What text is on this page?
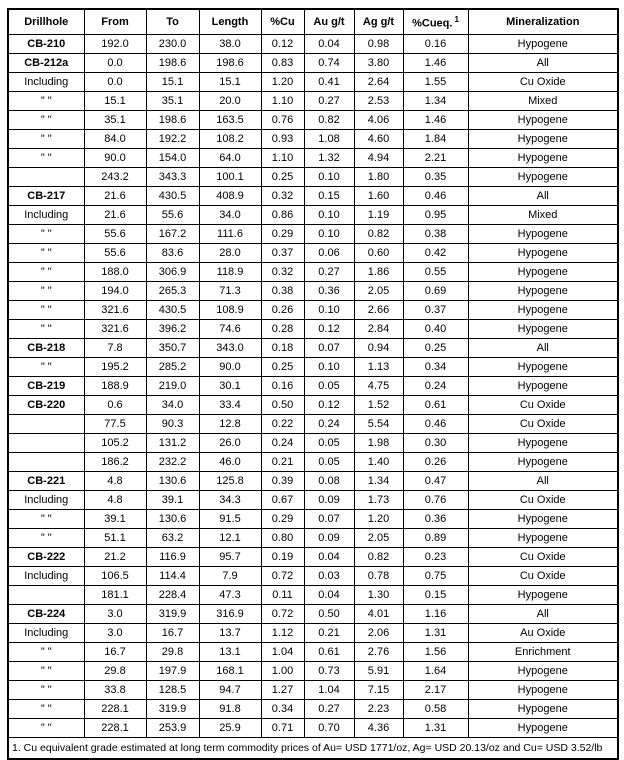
Drillhole	From	To	Length	%Cu	Au g/t	Ag g/t	%Cueq. $^1$	Mineralization
CB-210	192.0	230.0	38.0	0.12	0.04	0.98	0.16	Hypogene
CB-212a	0.0	198.6	198.6	0.83	0.74	3.80	1.46	All
Including	0.0	15.1	15.1	1.20	0.41	2.64	1.55	Cu Oxide
" "	15.1	35.1	20.0	1.10	0.27	2.53	1.34	Mixed
" "	35.1	198.6	163.5	0.76	0.82	4.06	1.46	Hypogene
" "	84.0	192.2	108.2	0.93	1.08	4.60	1.84	Hypogene
" "	90.0	154.0	64.0	1.10	1.32	4.94	2.21	Hypogene
	243.2	343.3	100.1	0.25	0.10	1.80	0.35	Hypogene
CB-217	21.6	430.5	408.9	0.32	0.15	1.60	0.46	All
Including	21.6	55.6	34.0	0.86	0.10	1.19	0.95	Mixed
" "	55.6	167.2	111.6	0.29	0.10	0.82	0.38	Hypogene
" "	55.6	83.6	28.0	0.37	0.06	0.60	0.42	Hypogene
" "	188.0	306.9	118.9	0.32	0.27	1.86	0.55	Hypogene
" "	194.0	265.3	71.3	0.38	0.36	2.05	0.69	Hypogene
" "	321.6	430.5	108.9	0.26	0.10	2.66	0.37	Hypogene
" "	321.6	396.2	74.6	0.28	0.12	2.84	0.40	Hypogene
CB-218	7.8	350.7	343.0	0.18	0.07	0.94	0.25	All
" "	195.2	285.2	90.0	0.25	0.10	1.13	0.34	Hypogene
CB-219	188.9	219.0	30.1	0.16	0.05	4.75	0.24	Hypogene
CB-220	0.6	34.0	33.4	0.50	0.12	1.52	0.61	Cu Oxide
	77.5	90.3	12.8	0.22	0.24	5.54	0.46	Cu Oxide
	105.2	131.2	26.0	0.24	0.05	1.98	0.30	Hypogene
	186.2	232.2	46.0	0.21	0.05	1.40	0.26	Hypogene
CB-221	4.8	130.6	125.8	0.39	0.08	1.34	0.47	All
Including	4.8	39.1	34.3	0.67	0.09	1.73	0.76	Cu Oxide
" "	39.1	130.6	91.5	0.29	0.07	1.20	0.36	Hypogene
" "	51.1	63.2	12.1	0.80	0.09	2.05	0.89	Hypogene
CB-222	21.2	116.9	95.7	0.19	0.04	0.82	0.23	Cu Oxide
Including	106.5	114.4	7.9	0.72	0.03	0.78	0.75	Cu Oxide
	181.1	228.4	47.3	0.11	0.04	1.30	0.15	Hypogene
CB-224	3.0	319.9	316.9	0.72	0.50	4.01	1.16	All
Including	3.0	16.7	13.7	1.12	0.21	2.06	1.31	Au Oxide
" "	16.7	29.8	13.1	1.04	0.61	2.76	1.56	Enrichment
" "	29.8	197.9	168.1	1.00	0.73	5.91	1.64	Hypogene
" "	33.8	128.5	94.7	1.27	1.04	7.15	2.17	Hypogene
" "	228.1	319.9	91.8	0.34	0.27	2.23	0.58	Hypogene
" "	228.1	253.9	25.9	0.71	0.70	4.36	1.31	Hypogene
1. Cu equivalent grade estimated at long term commodity prices of Au= USD 1771/oz, Ag= USD 20.13/oz and Cu= USD 3.52/lb								
